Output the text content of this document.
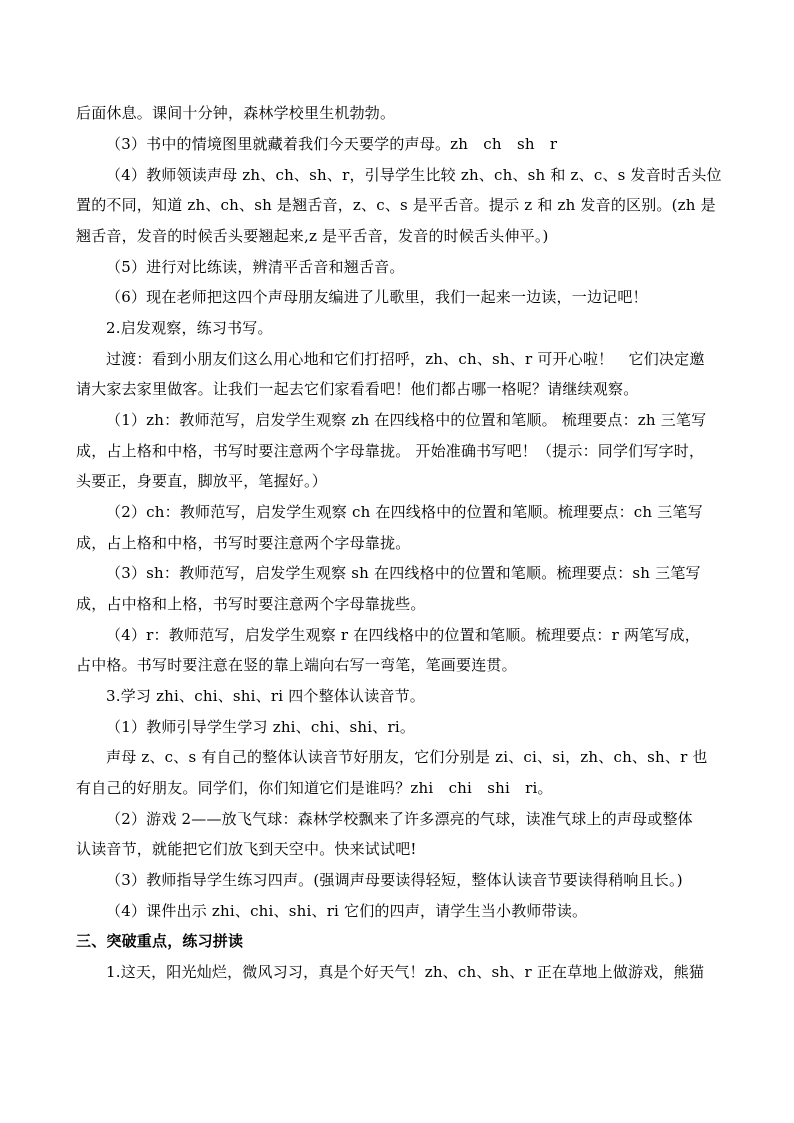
后面休息。课间十分钟，森林学校里生机勃勃。
（3）书中的情境图里就藏着我们今天要学的声母。zh　ch　sh　r
（4）教师领读声母 zh、ch、sh、r，引导学生比较 zh、ch、sh 和 z、c、s 发音时舌头位
置的不同，知道 zh、ch、sh 是翘舌音，z、c、s 是平舌音。提示 z 和 zh 发音的区别。(zh 是
翘舌音，发音的时候舌头要翘起来,z 是平舌音，发音的时候舌头伸平。)
（5）进行对比练读，辨清平舌音和翘舌音。
（6）现在老师把这四个声母朋友编进了儿歌里，我们一起来一边读，一边记吧！
2.启发观察，练习书写。
过渡：看到小朋友们这么用心地和它们打招呼，zh、ch、sh、r 可开心啦！　它们决定邀
请大家去家里做客。让我们一起去它们家看看吧！他们都占哪一格呢？请继续观察。
（1）zh：教师范写，启发学生观察 zh 在四线格中的位置和笔顺。 梳理要点：zh 三笔写
成，占上格和中格，书写时要注意两个字母靠拢。 开始准确书写吧！（提示：同学们写字时，
头要正，身要直，脚放平，笔握好。）
（2）ch：教师范写，启发学生观察 ch 在四线格中的位置和笔顺。梳理要点：ch 三笔写
成，占上格和中格，书写时要注意两个字母靠拢。
（3）sh：教师范写，启发学生观察 sh 在四线格中的位置和笔顺。梳理要点：sh 三笔写
成，占中格和上格，书写时要注意两个字母靠拢些。
（4）r：教师范写，启发学生观察 r 在四线格中的位置和笔顺。梳理要点：r 两笔写成，
占中格。书写时要注意在竖的靠上端向右写一弯笔，笔画要连贯。
3.学习 zhi、chi、shi、ri 四个整体认读音节。
（1）教师引导学生学习 zhi、chi、shi、ri。
声母 z、c、s 有自己的整体认读音节好朋友，它们分别是 zi、ci、si，zh、ch、sh、r 也
有自己的好朋友。同学们，你们知道它们是谁吗？zhi　chi　shi　ri。
（2）游戏 2——放飞气球：森林学校飘来了许多漂亮的气球，读准气球上的声母或整体
认读音节，就能把它们放飞到天空中。快来试试吧!
（3）教师指导学生练习四声。(强调声母要读得轻短，整体认读音节要读得稍响且长。)
（4）课件出示 zhi、chi、shi、ri 它们的四声，请学生当小教师带读。
三、突破重点，练习拼读
1.这天，阳光灿烂，微风习习，真是个好天气！zh、ch、sh、r 正在草地上做游戏，熊猫
